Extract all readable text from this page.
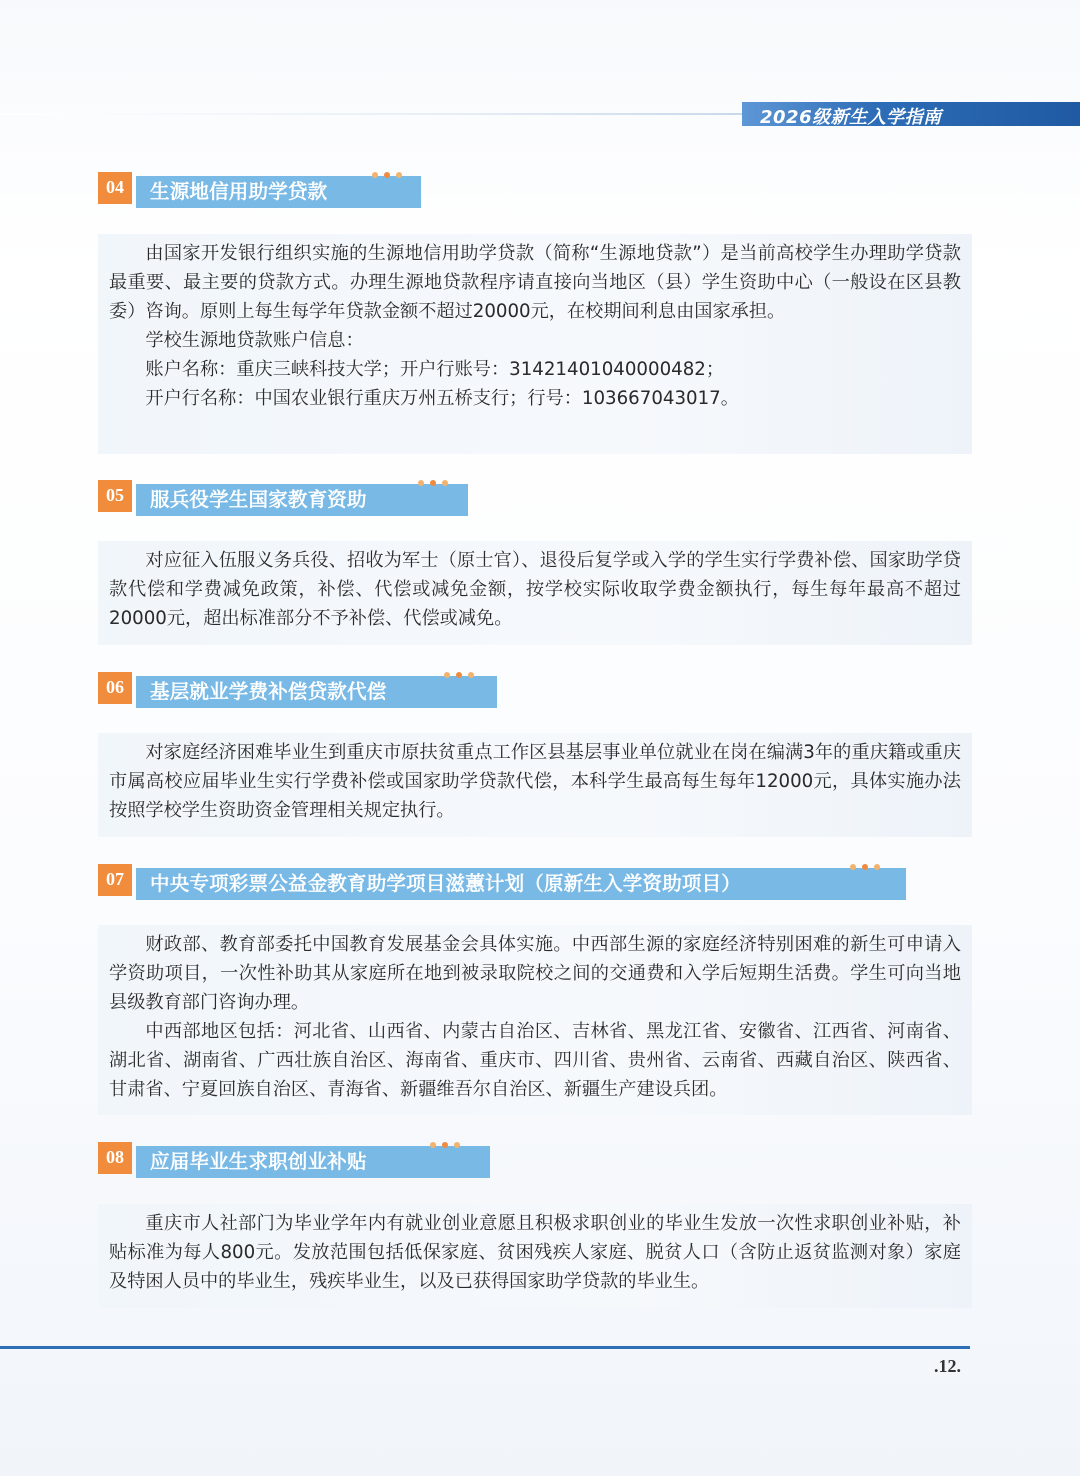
2026级新生入学指南
04	生源地信用助学贷款

由国家开发银行组织实施的生源地信用助学贷款（简称“生源地贷款”）是当前高校学生办理助学贷款最重要、最主要的贷款方式。办理生源地贷款程序请直接向当地区（县）学生资助中心（一般设在区县教委）咨询。原则上每生每学年贷款金额不超过20000元，在校期间利息由国家承担。

学校生源地贷款账户信息：

账户名称：重庆三峡科技大学；开户行账号：31421401040000482；

开户行名称：中国农业银行重庆万州五桥支行；行号：103667043017。

05	服兵役学生国家教育资助

对应征入伍服义务兵役、招收为军士（原士官）、退役后复学或入学的学生实行学费补偿、国家助学贷款代偿和学费减免政策，补偿、代偿或减免金额，按学校实际收取学费金额执行，每生每年最高不超过20000元，超出标准部分不予补偿、代偿或减免。

06	基层就业学费补偿贷款代偿

对家庭经济困难毕业生到重庆市原扶贫重点工作区县基层事业单位就业在岗在编满3年的重庆籍或重庆市属高校应届毕业生实行学费补偿或国家助学贷款代偿，本科学生最高每生每年12000元，具体实施办法按照学校学生资助资金管理相关规定执行。

07	中央专项彩票公益金教育助学项目滋蕙计划（原新生入学资助项目）

财政部、教育部委托中国教育发展基金会具体实施。中西部生源的家庭经济特别困难的新生可申请入学资助项目，一次性补助其从家庭所在地到被录取院校之间的交通费和入学后短期生活费。学生可向当地县级教育部门咨询办理。

中西部地区包括：河北省、山西省、内蒙古自治区、吉林省、黑龙江省、安徽省、江西省、河南省、湖北省、湖南省、广西壮族自治区、海南省、重庆市、四川省、贵州省、云南省、西藏自治区、陕西省、甘肃省、宁夏回族自治区、青海省、新疆维吾尔自治区、新疆生产建设兵团。

08	应届毕业生求职创业补贴

重庆市人社部门为毕业学年内有就业创业意愿且积极求职创业的毕业生发放一次性求职创业补贴，补贴标准为每人800元。发放范围包括低保家庭、贫困残疾人家庭、脱贫人口（含防止返贫监测对象）家庭及特困人员中的毕业生，残疾毕业生，以及已获得国家助学贷款的毕业生。

.12.
